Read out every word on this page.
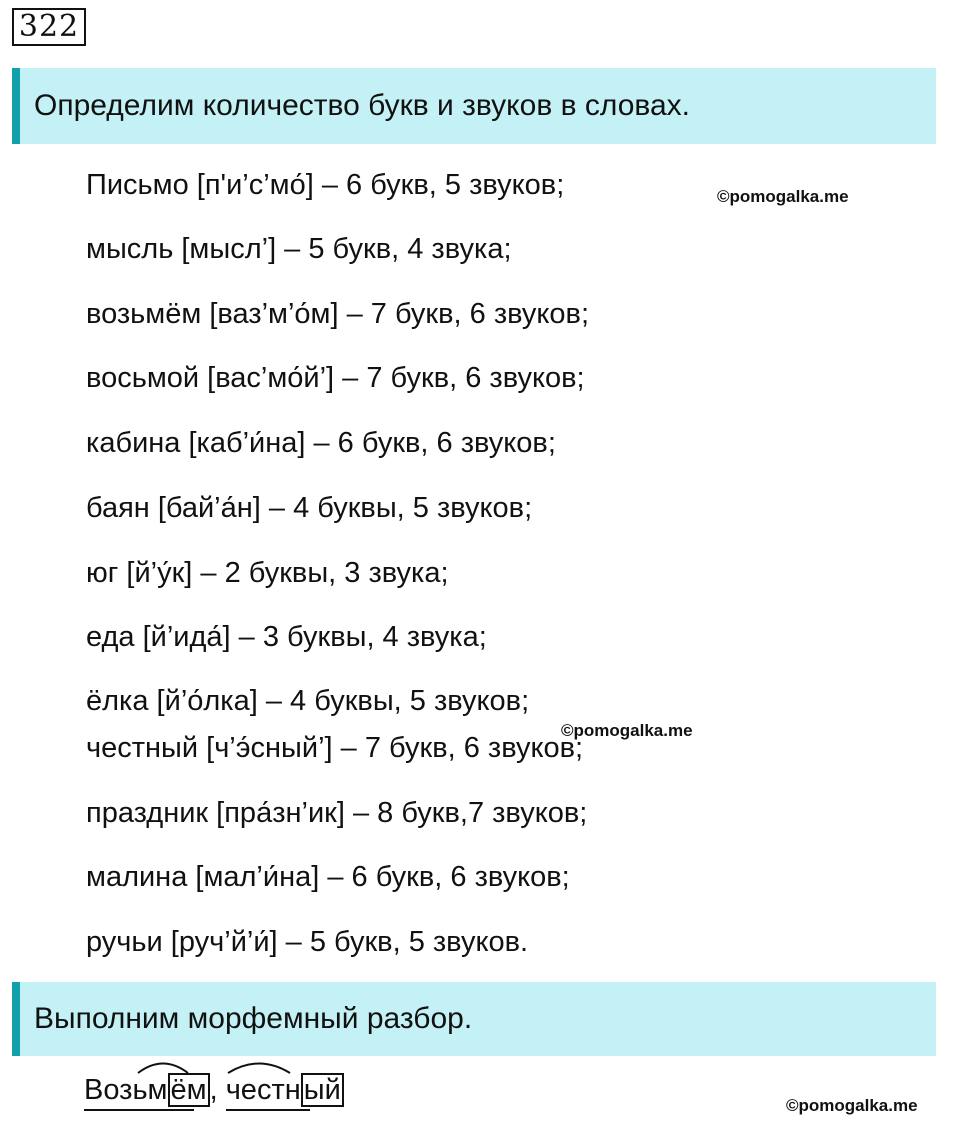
322
Определим количество букв и звуков в словах.
Письмо [п'и’с’мо́] – 6 букв, 5 звуков;
мысль [мысл’] – 5 букв, 4 звука;
возьмём [ваз’м’о́м] – 7 букв, 6 звуков;
восьмой [вас’мо́й’] – 7 букв, 6 звуков;
кабина [каб’и́на] – 6 букв, 6 звуков;
баян [бай’а́н] – 4 буквы, 5 звуков;
юг [й’у́к] – 2 буквы, 3 звука;
еда [й’ида́] – 3 буквы, 4 звука;
ёлка [й’о́лка] – 4 буквы, 5 звуков;
честный [ч’э́сный’] – 7 букв, 6 звуков;
праздник [пра́зн’ик] – 8 букв,7 звуков;
малина [мал’и́на] – 6 букв, 6 звуков;
ручьи [руч’й’и́] – 5 букв, 5 звуков.
©pomogalka.me
©pomogalka.me
©pomogalka.me
Выполним морфемный разбор.
Возьм ём , честн ый
